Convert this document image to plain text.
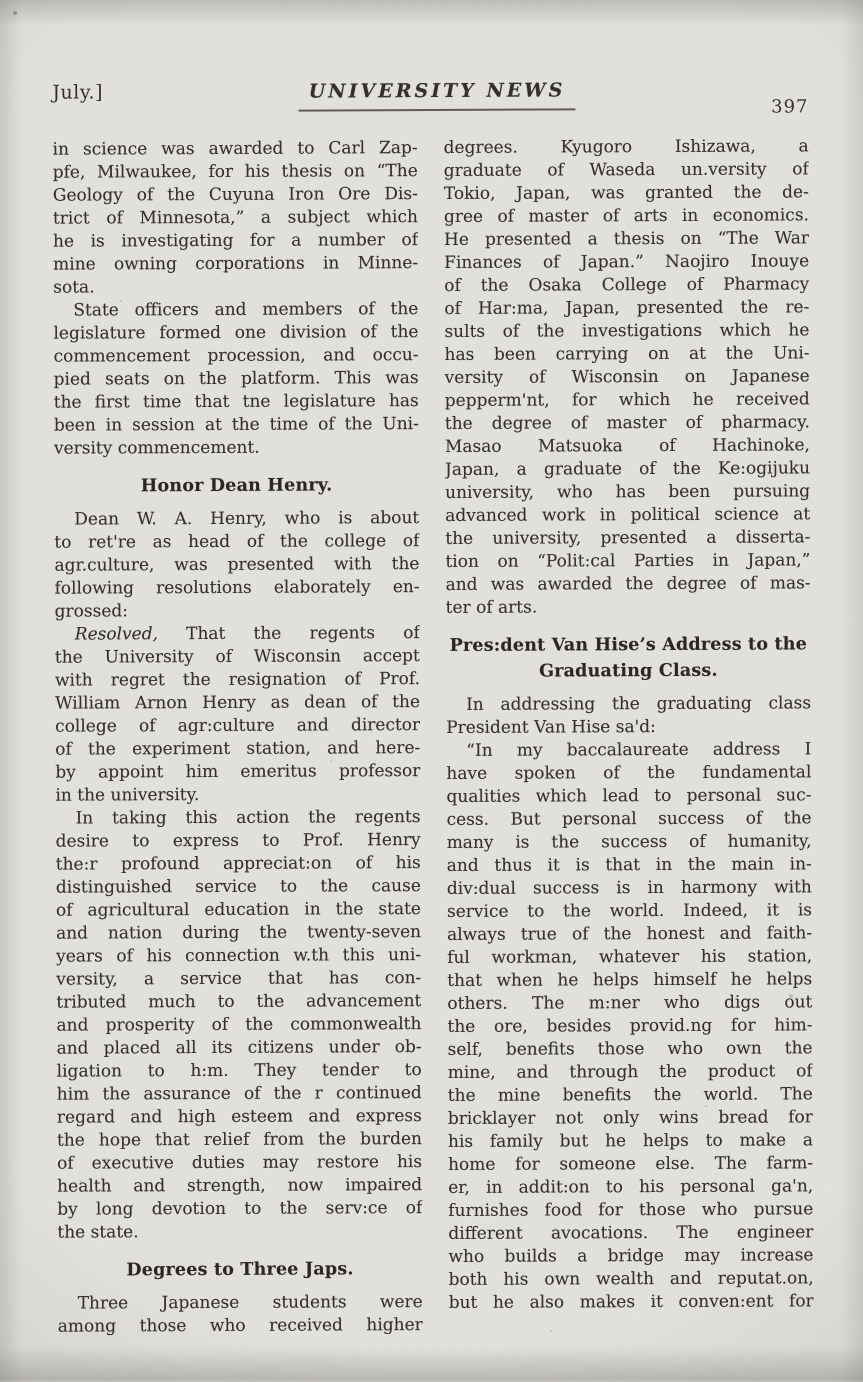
July.]	UNIVERSITY NEWS
397
in science was awarded to Carl Zap-
pfe, Milwaukee, for his thesis on “The
Geology of the Cuyuna Iron Ore Dis-
trict of Minnesota,” a subject which
he is investigating for a number of
mine owning corporations in Minne-
sota.
State officers and members of the
legislature formed one division of the
commencement procession, and occu-
pied seats on the platform. This was
the first time that tne legislature has
been in session at the time of the Uni-
versity commencement.
Honor Dean Henry.
Dean W. A. Henry, who is about
to ret're as head of the college of
agr.culture, was presented with the
following resolutions elaborately en-
grossed:
Resolved, That the regents of
the University of Wisconsin accept
with regret the resignation of Prof.
William Arnon Henry as dean of the
college of agr:culture and director
of the experiment station, and here-
by appoint him emeritus professor
in the university.
In taking this action the regents
desire to express to Prof. Henry
the:r profound appreciat:on of his
distinguished service to the cause
of agricultural education in the state
and nation during the twenty-seven
years of his connection w.th this uni-
versity, a service that has con-
tributed much to the advancement
and prosperity of the commonwealth
and placed all its citizens under ob-
ligation to h:m. They tender to
him the assurance of the r continued
regard and high esteem and express
the hope that relief from the burden
of executive duties may restore his
health and strength, now impaired
by long devotion to the serv:ce of
the state.
Degrees to Three Japs.
Three Japanese students were
among those who received higher
degrees. Kyugoro Ishizawa, a
graduate of Waseda un.versity of
Tokio, Japan, was granted the de-
gree of master of arts in economics.
He presented a thesis on “The War
Finances of Japan.” Naojiro Inouye
of the Osaka College of Pharmacy
of Har:ma, Japan, presented the re-
sults of the investigations which he
has been carrying on at the Uni-
versity of Wisconsin on Japanese
pepperm'nt, for which he received
the degree of master of pharmacy.
Masao Matsuoka of Hachinoke,
Japan, a graduate of the Ke:ogijuku
university, who has been pursuing
advanced work in political science at
the university, presented a disserta-
tion on “Polit:cal Parties in Japan,”
and was awarded the degree of mas-
ter of arts.
Pres:dent Van Hise’s Address to the
Graduating Class.
In addressing the graduating class
President Van Hise sa'd:
“In my baccalaureate address I
have spoken of the fundamental
qualities which lead to personal suc-
cess. But personal success of the
many is the success of humanity,
and thus it is that in the main in-
div:dual success is in harmony with
service to the world. Indeed, it is
always true of the honest and faith-
ful workman, whatever his station,
that when he helps himself he helps
others. The m:ner who digs out
the ore, besides provid.ng for him-
self, benefits those who own the
mine, and through the product of
the mine benefits the world. The
bricklayer not only wins bread for
his family but he helps to make a
home for someone else. The farm-
er, in addit:on to his personal ga'n,
furnishes food for those who pursue
different avocations. The engineer
who builds a bridge may increase
both his own wealth and reputat.on,
but he also makes it conven:ent for
